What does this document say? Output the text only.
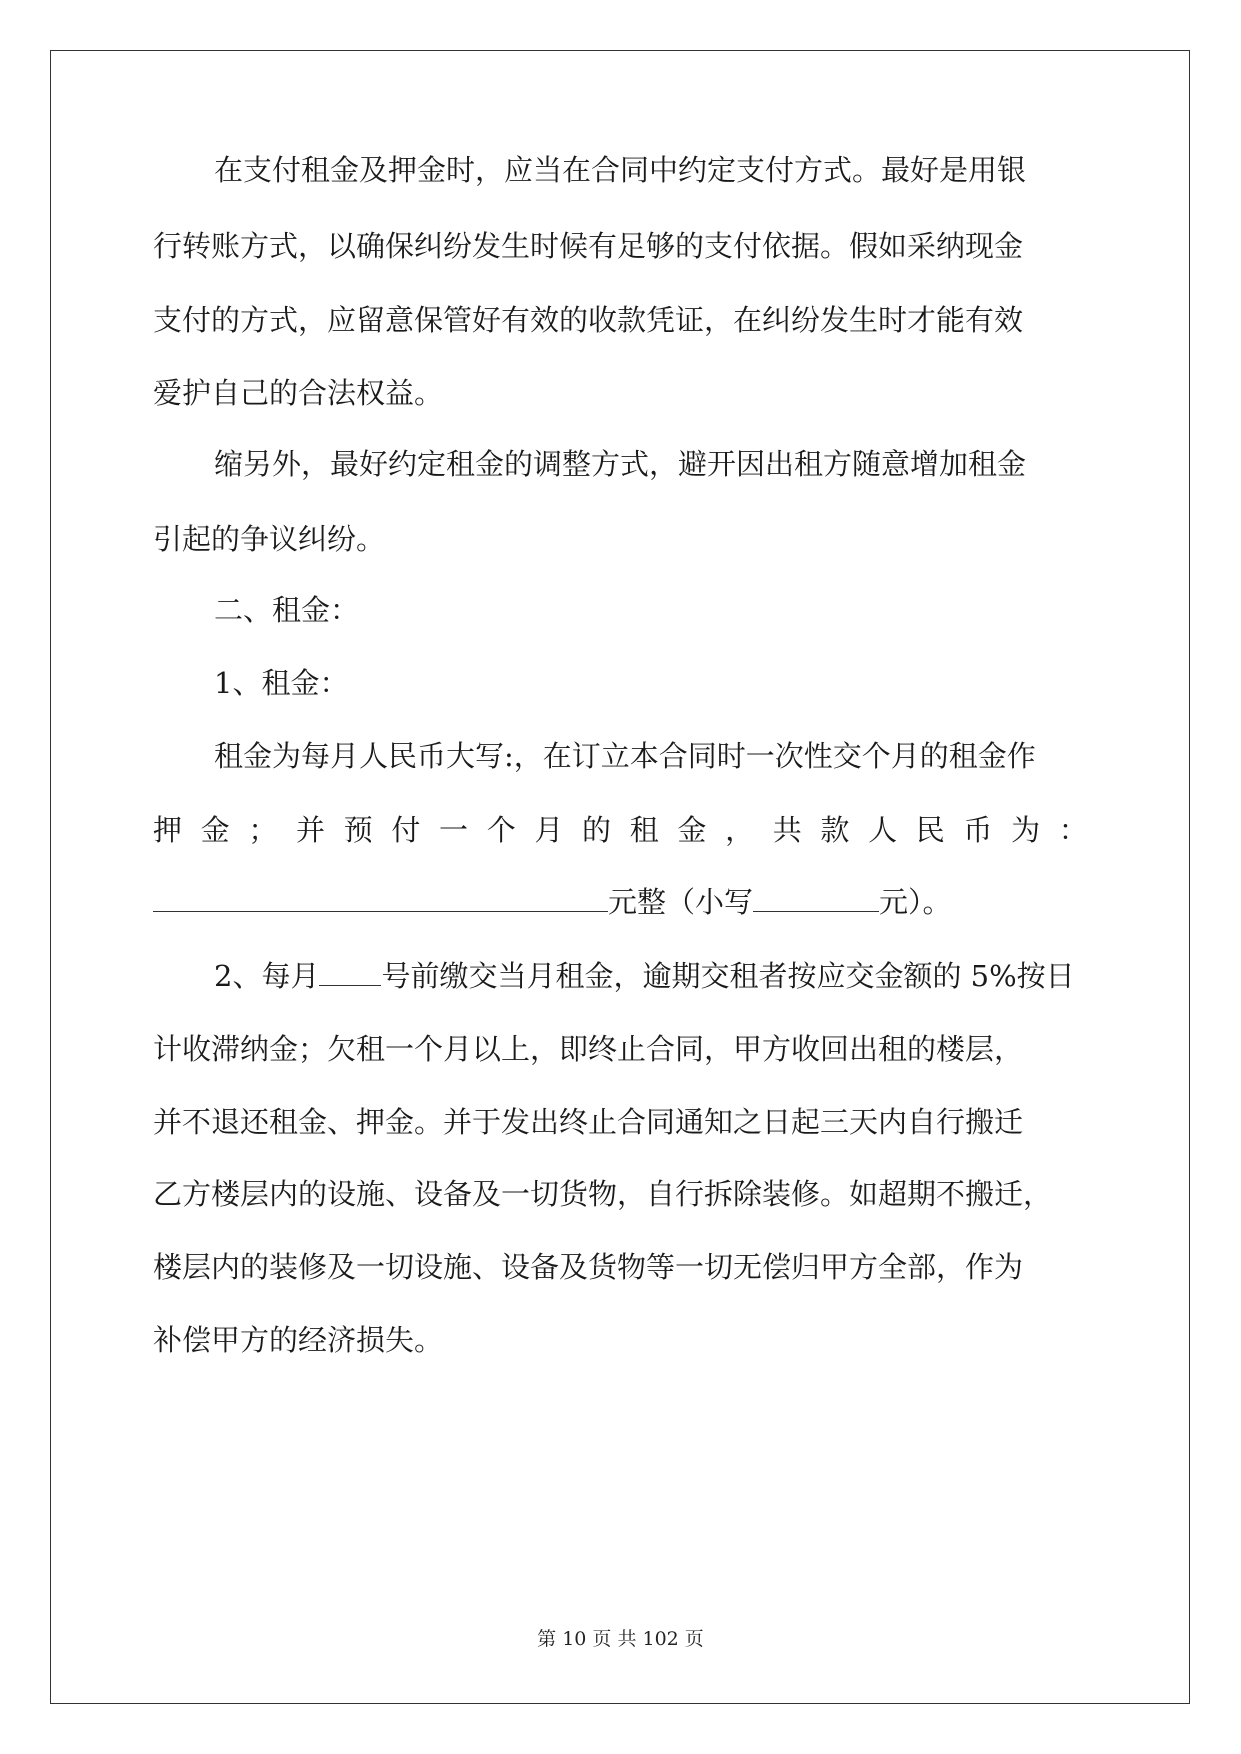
在支付租金及押金时，应当在合同中约定支付方式。最好是用银
行转账方式，以确保纠纷发生时候有足够的支付依据。假如采纳现金
支付的方式，应留意保管好有效的收款凭证，在纠纷发生时才能有效
爱护自己的合法权益。
缩另外，最好约定租金的调整方式，避开因出租方随意增加租金
引起的争议纠纷。
二、租金：
1、租金：
租金为每月人民币大写:，在订立本合同时一次性交个月的租金作
押 金 ； 并 预 付 一 个 月 的 租 金 ， 共 款 人 民 币 为 ：
元整（小写	元）。
2、每月 号前缴交当月租金，逾期交租者按应交金额的 5%按日
计收滞纳金；欠租一个月以上，即终止合同，甲方收回出租的楼层，
并不退还租金、押金。并于发出终止合同通知之日起三天内自行搬迁
乙方楼层内的设施、设备及一切货物，自行拆除装修。如超期不搬迁，
楼层内的装修及一切设施、设备及货物等一切无偿归甲方全部，作为
补偿甲方的经济损失。
第 10 页 共 102 页
